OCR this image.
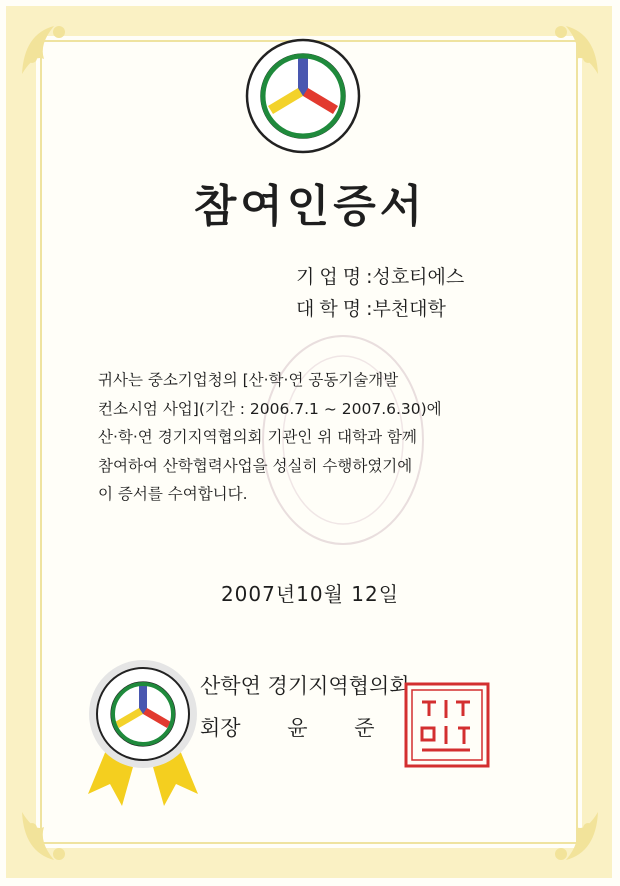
참여인증서
기업명:성호티에스
대학명:부천대학
귀사는 중소기업청의 [산·학·연 공동기술개발
컨소시엄 사업](기간 : 2006.7.1 ~ 2007.6.30)에
산·학·연 경기지역협의회 기관인 위 대학과 함께
참여하여 산학협력사업을 성실히 수행하였기에
이 증서를 수여합니다.
2007년10월 12일
산학연 경기지역협의회
회장 윤 준
